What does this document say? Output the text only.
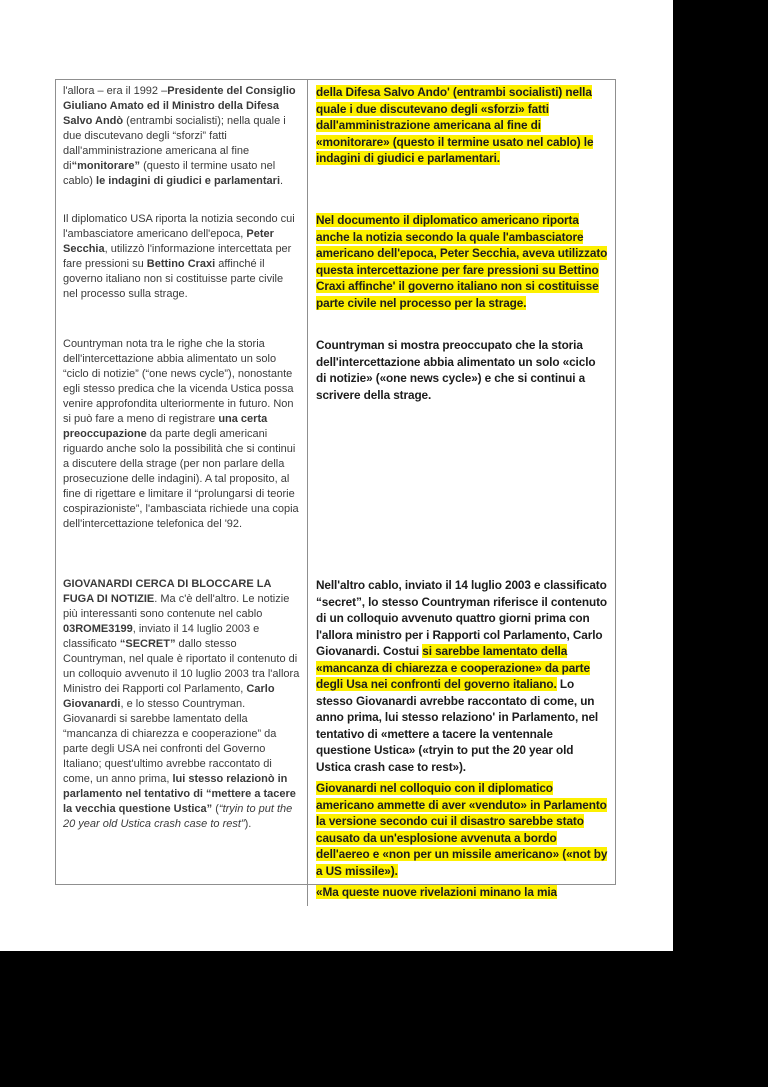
l'allora – era il 1992 –Presidente del Consiglio Giuliano Amato ed il Ministro della Difesa Salvo Andò (entrambi socialisti); nella quale i due discutevano degli “sforzi” fatti dall'amministrazione americana al fine di“monitorare” (questo il termine usato nel cablo) le indagini di giudici e parlamentari.

della Difesa Salvo Ando' (entrambi socialisti) nella quale i due discutevano degli «sforzi» fatti dall'amministrazione americana al fine di «monitorare» (questo il termine usato nel cablo) le indagini di giudici e parlamentari.

Il diplomatico USA riporta la notizia secondo cui l'ambasciatore americano dell'epoca, Peter Secchia, utilizzò l'informazione intercettata per fare pressioni su Bettino Craxi affinché il governo italiano non si costituisse parte civile nel processo sulla strage.

Nel documento il diplomatico americano riporta anche la notizia secondo la quale l'ambasciatore americano dell'epoca, Peter Secchia, aveva utilizzato questa intercettazione per fare pressioni su Bettino Craxi affinche' il governo italiano non si costituisse parte civile nel processo per la strage.

Countryman nota tra le righe che la storia dell'intercettazione abbia alimentato un solo “ciclo di notizie” (“one news cycle”), nonostante egli stesso predica che la vicenda Ustica possa venire approfondita ulteriormente in futuro. Non si può fare a meno di registrare una certa preoccupazione da parte degli americani riguardo anche solo la possibilità che si continui a discutere della strage (per non parlare della prosecuzione delle indagini). A tal proposito, al fine di rigettare e limitare il “prolungarsi di teorie cospirazioniste”, l'ambasciata richiede una copia dell'intercettazione telefonica del '92.

Countryman si mostra preoccupato che la storia dell'intercettazione abbia alimentato un solo «ciclo di notizie» («one news cycle») e che si continui a scrivere della strage.

GIOVANARDI CERCA DI BLOCCARE LA FUGA DI NOTIZIE. Ma c'è dell'altro. Le notizie più interessanti sono contenute nel cablo 03ROME3199, inviato il 14 luglio 2003 e classificato “SECRET” dallo stesso Countryman, nel quale è riportato il contenuto di un colloquio avvenuto il 10 luglio 2003 tra l'allora Ministro dei Rapporti col Parlamento, Carlo Giovanardi, e lo stesso Countryman. Giovanardi si sarebbe lamentato della “mancanza di chiarezza e cooperazione” da parte degli USA nei confronti del Governo Italiano; quest'ultimo avrebbe raccontato di come, un anno prima, lui stesso relazionò in parlamento nel tentativo di “mettere a tacere la vecchia questione Ustica” (“tryin to put the 20 year old Ustica crash case to rest”).

Nell'altro cablo, inviato il 14 luglio 2003 e classificato “secret”, lo stesso Countryman riferisce il contenuto di un colloquio avvenuto quattro giorni prima con l'allora ministro per i Rapporti col Parlamento, Carlo Giovanardi. Costui si sarebbe lamentato della «mancanza di chiarezza e cooperazione» da parte degli Usa nei confronti del governo italiano. Lo stesso Giovanardi avrebbe raccontato di come, un anno prima, lui stesso relaziono' in Parlamento, nel tentativo di «mettere a tacere la ventennale questione Ustica» («tryin to put the 20 year old Ustica crash case to rest»).

Giovanardi nel colloquio con il diplomatico americano ammette di aver «venduto» in Parlamento la versione secondo cui il disastro sarebbe stato causato da un'esplosione avvenuta a bordo dell'aereo e «non per un missile americano» («not by a US missile»).

«Ma queste nuove rivelazioni minano la mia
